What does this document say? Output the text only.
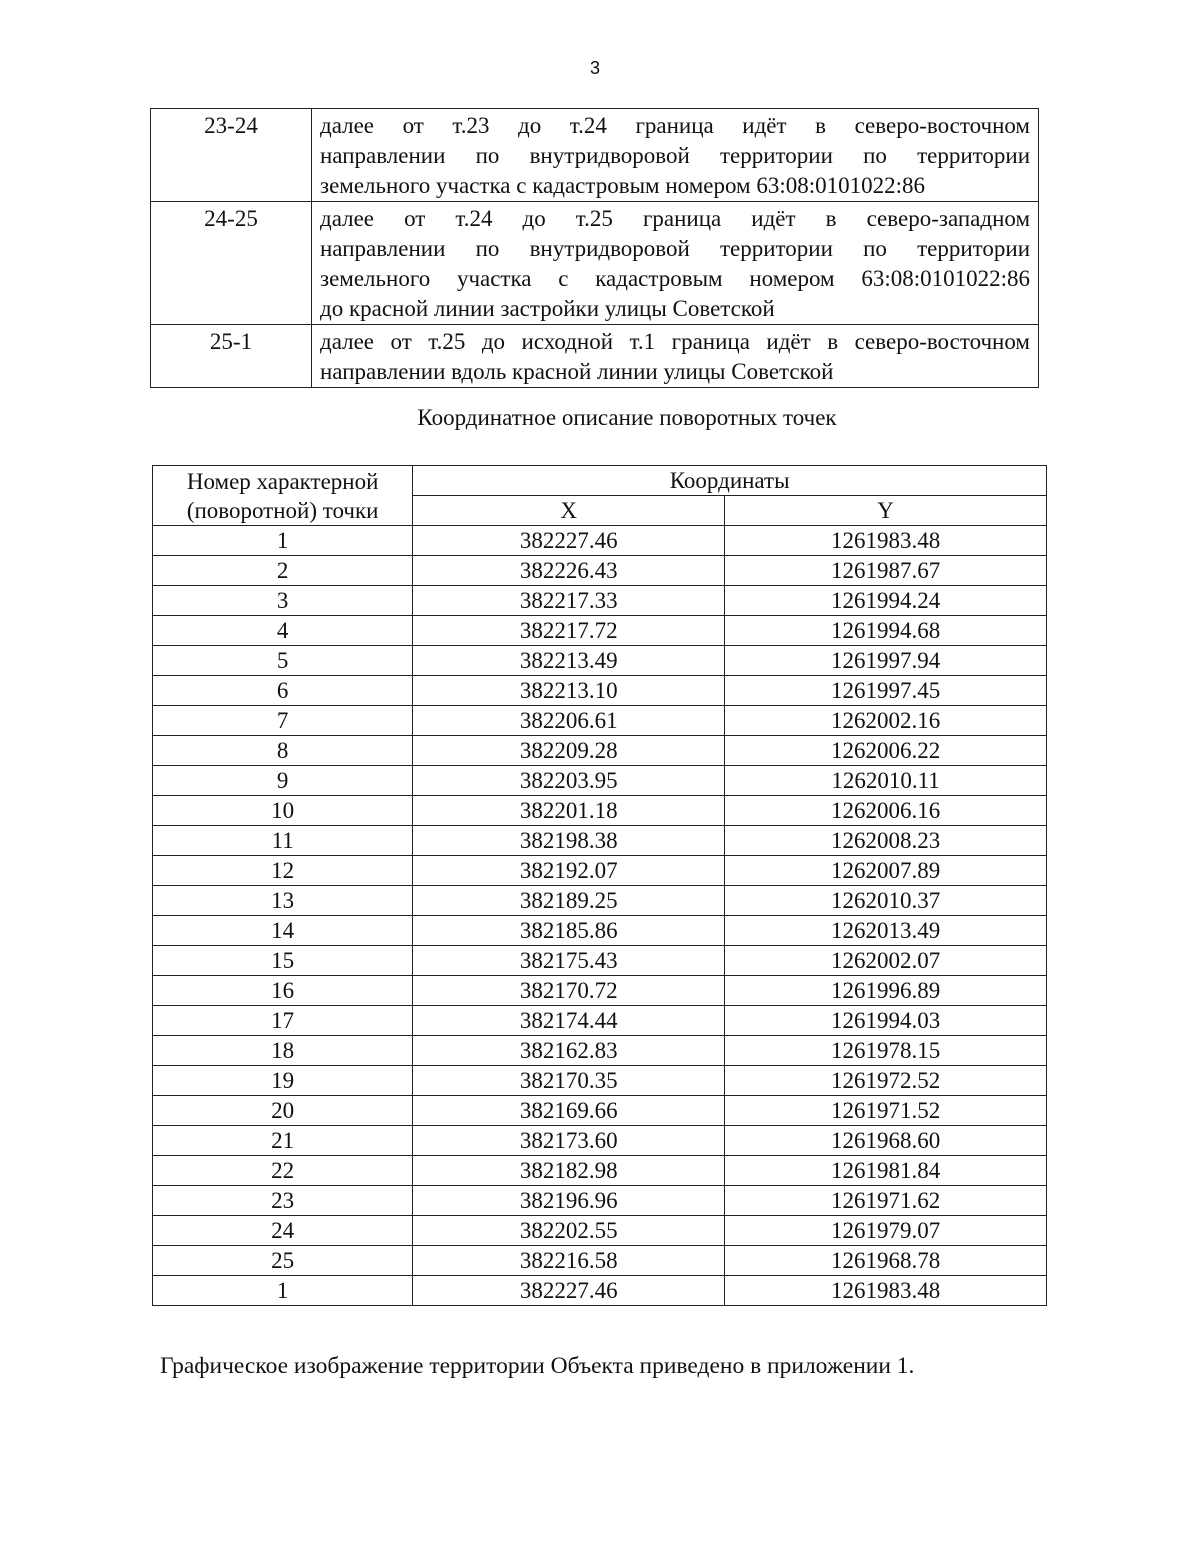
3
23-24	далее от т.23 до т.24 граница идёт в северо-восточном
направлении по внутридворовой территории по территории
земельного участка с кадастровым номером 63:08:0101022:86

24-25	далее от т.24 до т.25 граница идёт в северо-западном
направлении по внутридворовой территории по территории
земельного участка с кадастровым номером 63:08:0101022:86
до красной линии застройки улицы Советской

25-1	далее от т.25 до исходной т.1 граница идёт в северо-восточном
направлении вдоль красной линии улицы Советской
Координатное описание поворотных точек
Номер характерной (поворотной) точки	Координаты	
	X	Y
1	382227.46	1261983.48
2	382226.43	1261987.67
3	382217.33	1261994.24
4	382217.72	1261994.68
5	382213.49	1261997.94
6	382213.10	1261997.45
7	382206.61	1262002.16
8	382209.28	1262006.22
9	382203.95	1262010.11
10	382201.18	1262006.16
11	382198.38	1262008.23
12	382192.07	1262007.89
13	382189.25	1262010.37
14	382185.86	1262013.49
15	382175.43	1262002.07
16	382170.72	1261996.89
17	382174.44	1261994.03
18	382162.83	1261978.15
19	382170.35	1261972.52
20	382169.66	1261971.52
21	382173.60	1261968.60
22	382182.98	1261981.84
23	382196.96	1261971.62
24	382202.55	1261979.07
25	382216.58	1261968.78
1	382227.46	1261983.48
Графическое изображение территории Объекта приведено в приложении 1.
